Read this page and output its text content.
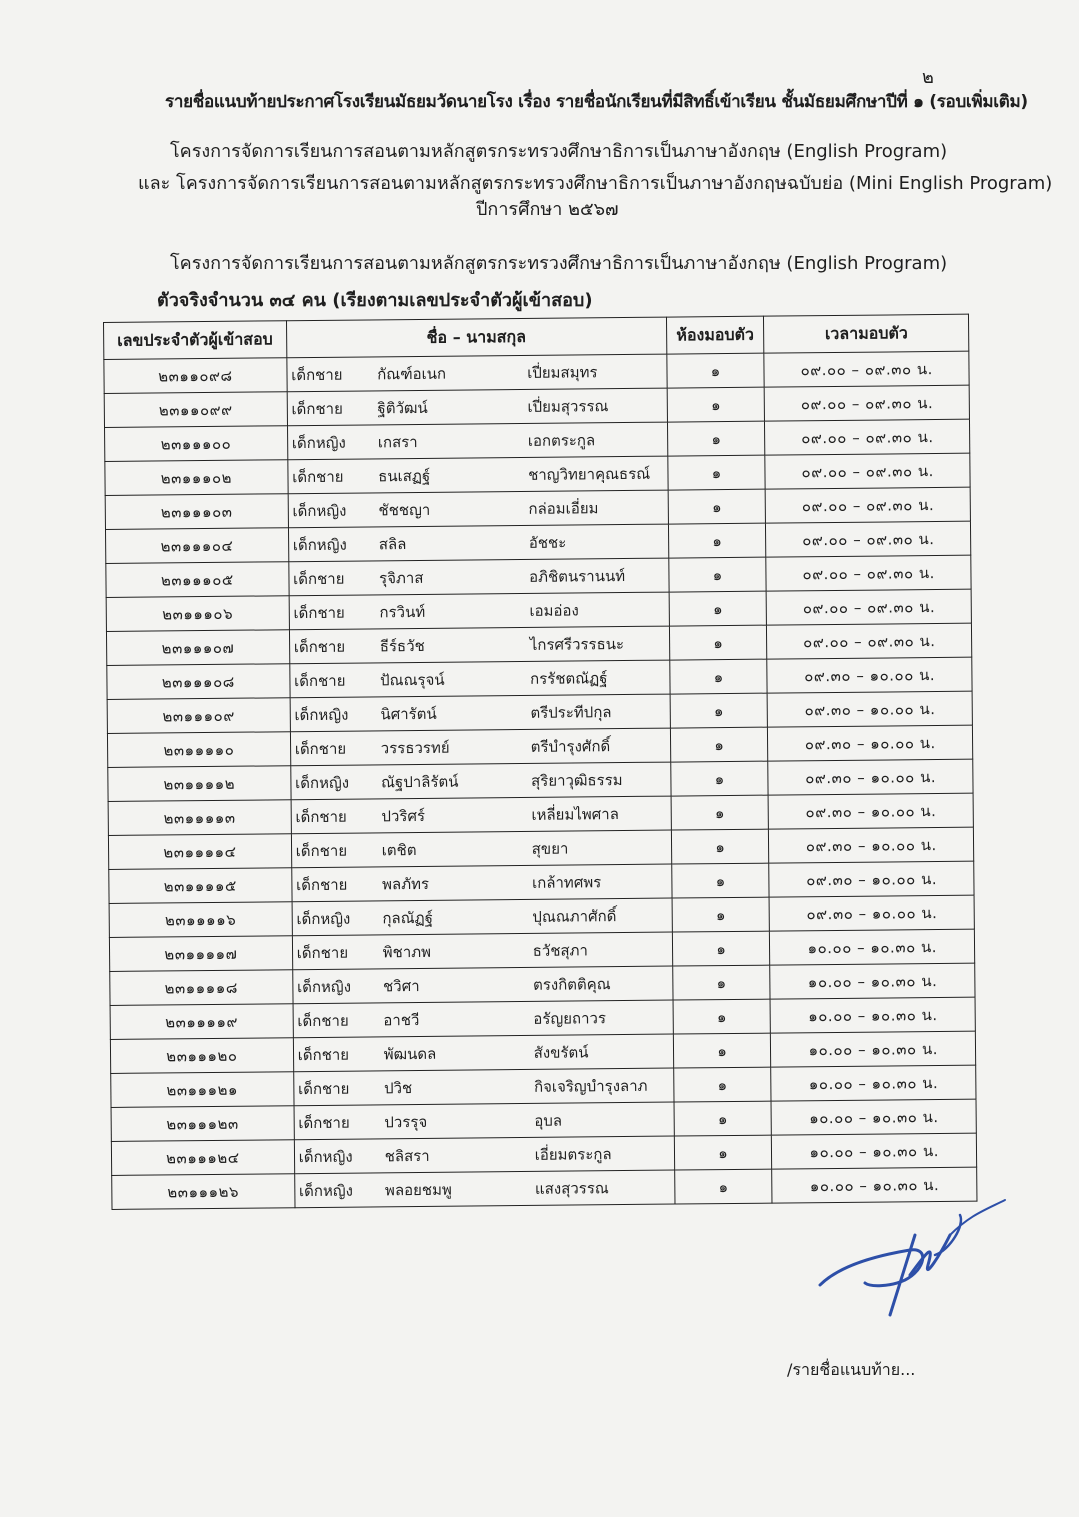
๒
รายชื่อแนบท้ายประกาศโรงเรียนมัธยมวัดนายโรง เรื่อง รายชื่อนักเรียนที่มีสิทธิ์เข้าเรียน ชั้นมัธยมศึกษาปีที่ ๑ (รอบเพิ่มเติม)
โครงการจัดการเรียนการสอนตามหลักสูตรกระทรวงศึกษาธิการเป็นภาษาอังกฤษ (English Program)
และ โครงการจัดการเรียนการสอนตามหลักสูตรกระทรวงศึกษาธิการเป็นภาษาอังกฤษฉบับย่อ (Mini English Program)
ปีการศึกษา ๒๕๖๗
โครงการจัดการเรียนการสอนตามหลักสูตรกระทรวงศึกษาธิการเป็นภาษาอังกฤษ (English Program)
ตัวจริงจำนวน ๓๔ คน (เรียงตามเลขประจำตัวผู้เข้าสอบ)
เลขประจำตัวผู้เข้าสอบ	ชื่อ – นามสกุล	ห้องมอบตัว	เวลามอบตัว
๒๓๑๑๐๙๘	เด็กชาย กัณฑ์อเนก เปี่ยมสมุทร	๑	๐๙.๐๐ – ๐๙.๓๐ น.
๒๓๑๑๐๙๙	เด็กชาย ฐิติวัฒน์ เปี่ยมสุวรรณ	๑	๐๙.๐๐ – ๐๙.๓๐ น.
๒๓๑๑๑๐๐	เด็กหญิง เกสรา เอกตระกูล	๑	๐๙.๐๐ – ๐๙.๓๐ น.
๒๓๑๑๑๐๒	เด็กชาย ธนเสฏฐ์ ชาญวิทยาคุณธรณ์	๑	๐๙.๐๐ – ๐๙.๓๐ น.
๒๓๑๑๑๐๓	เด็กหญิง ชัชชญา กล่อมเอี่ยม	๑	๐๙.๐๐ – ๐๙.๓๐ น.
๒๓๑๑๑๐๔	เด็กหญิง สลิล อัชชะ	๑	๐๙.๐๐ – ๐๙.๓๐ น.
๒๓๑๑๑๐๕	เด็กชาย รุจิภาส อภิชิตนรานนท์	๑	๐๙.๐๐ – ๐๙.๓๐ น.
๒๓๑๑๑๐๖	เด็กชาย กรวินท์ เอมอ่อง	๑	๐๙.๐๐ – ๐๙.๓๐ น.
๒๓๑๑๑๐๗	เด็กชาย ธีร์ธวัช ไกรศรีวรรธนะ	๑	๐๙.๐๐ – ๐๙.๓๐ น.
๒๓๑๑๑๐๘	เด็กชาย ปัณณรุจน์ กรรัชตณัฏฐ์	๑	๐๙.๓๐ – ๑๐.๐๐ น.
๒๓๑๑๑๐๙	เด็กหญิง นิศารัตน์ ตรีประทีปกุล	๑	๐๙.๓๐ – ๑๐.๐๐ น.
๒๓๑๑๑๑๐	เด็กชาย วรรธวรทย์ ตรีบำรุงศักดิ์	๑	๐๙.๓๐ – ๑๐.๐๐ น.
๒๓๑๑๑๑๒	เด็กหญิง ณัฐปาลิรัตน์ สุริยาวุฒิธรรม	๑	๐๙.๓๐ – ๑๐.๐๐ น.
๒๓๑๑๑๑๓	เด็กชาย ปวริศร์ เหลี่ยมไพศาล	๑	๐๙.๓๐ – ๑๐.๐๐ น.
๒๓๑๑๑๑๔	เด็กชาย เตชิต สุขยา	๑	๐๙.๓๐ – ๑๐.๐๐ น.
๒๓๑๑๑๑๕	เด็กชาย พลภัทร เกล้าทศพร	๑	๐๙.๓๐ – ๑๐.๐๐ น.
๒๓๑๑๑๑๖	เด็กหญิง กุลณัฏฐ์ ปุณณภาศักดิ์	๑	๐๙.๓๐ – ๑๐.๐๐ น.
๒๓๑๑๑๑๗	เด็กชาย พิชาภพ ธวัชสุภา	๑	๑๐.๐๐ – ๑๐.๓๐ น.
๒๓๑๑๑๑๘	เด็กหญิง ชวิศา ตรงกิตติคุณ	๑	๑๐.๐๐ – ๑๐.๓๐ น.
๒๓๑๑๑๑๙	เด็กชาย อาชวี อรัญยถาวร	๑	๑๐.๐๐ – ๑๐.๓๐ น.
๒๓๑๑๑๒๐	เด็กชาย พัฒนดล สังขรัตน์	๑	๑๐.๐๐ – ๑๐.๓๐ น.
๒๓๑๑๑๒๑	เด็กชาย ปวิช กิจเจริญบำรุงลาภ	๑	๑๐.๐๐ – ๑๐.๓๐ น.
๒๓๑๑๑๒๓	เด็กชาย ปวรรุจ อุบล	๑	๑๐.๐๐ – ๑๐.๓๐ น.
๒๓๑๑๑๒๔	เด็กหญิง ชลิสรา เอี่ยมตระกูล	๑	๑๐.๐๐ – ๑๐.๓๐ น.
๒๓๑๑๑๒๖	เด็กหญิง พลอยชมพู แสงสุวรรณ	๑	๑๐.๐๐ – ๑๐.๓๐ น.
/รายชื่อแนบท้าย...
